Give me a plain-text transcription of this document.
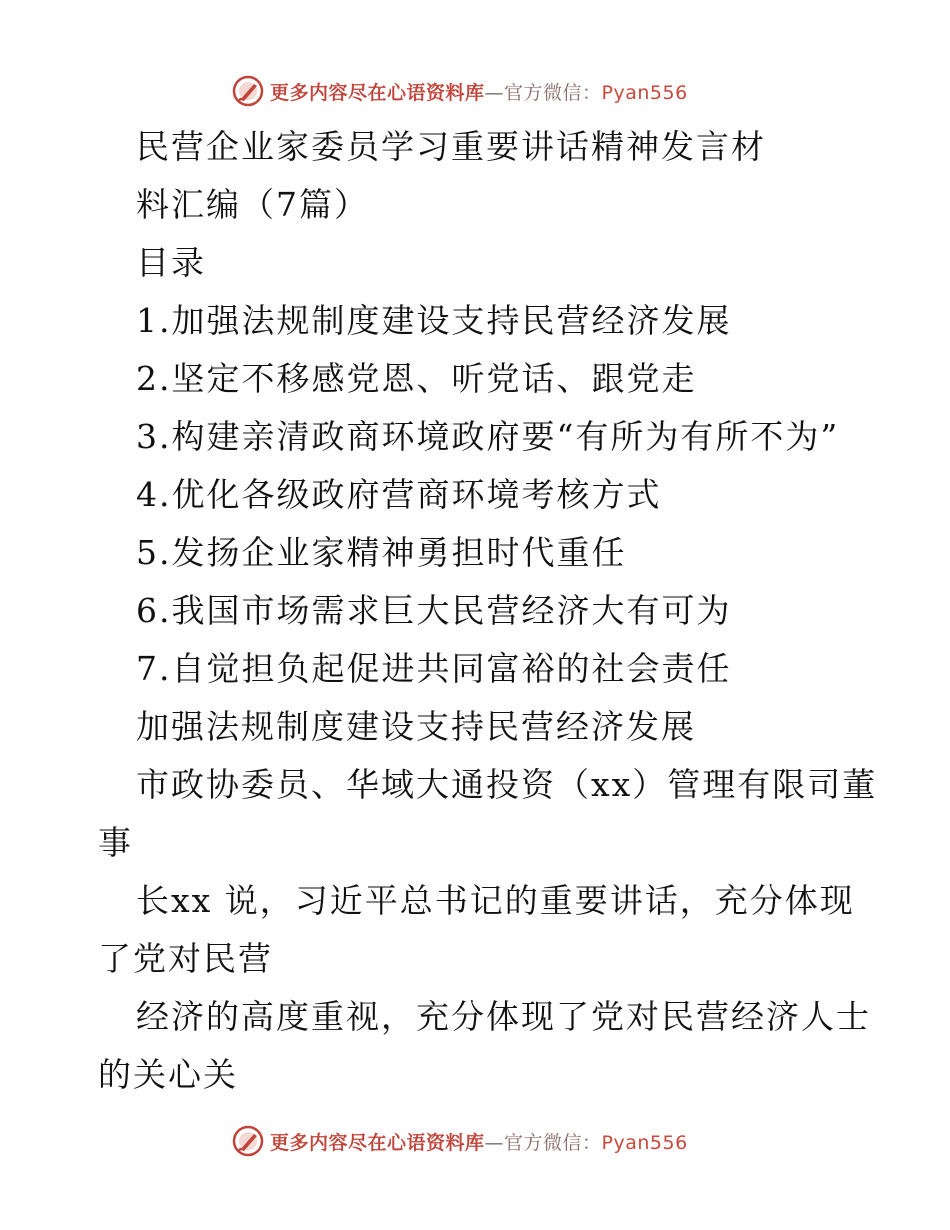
更多内容尽在心语资料库—官方微信：Pyan556
民营企业家委员学习重要讲话精神发言材
料汇编（7篇）
目录
1.加强法规制度建设支持民营经济发展
2.坚定不移感党恩、听党话、跟党走
3.构建亲清政商环境政府要“有所为有所不为”
4.优化各级政府营商环境考核方式
5.发扬企业家精神勇担时代重任
6.我国市场需求巨大民营经济大有可为
7.自觉担负起促进共同富裕的社会责任
加强法规制度建设支持民营经济发展
市政协委员、华域大通投资（xx）管理有限司董
事
长xx 说，习近平总书记的重要讲话，充分体现
了党对民营
经济的高度重视，充分体现了党对民营经济人士
的关心关
更多内容尽在心语资料库—官方微信：Pyan556
